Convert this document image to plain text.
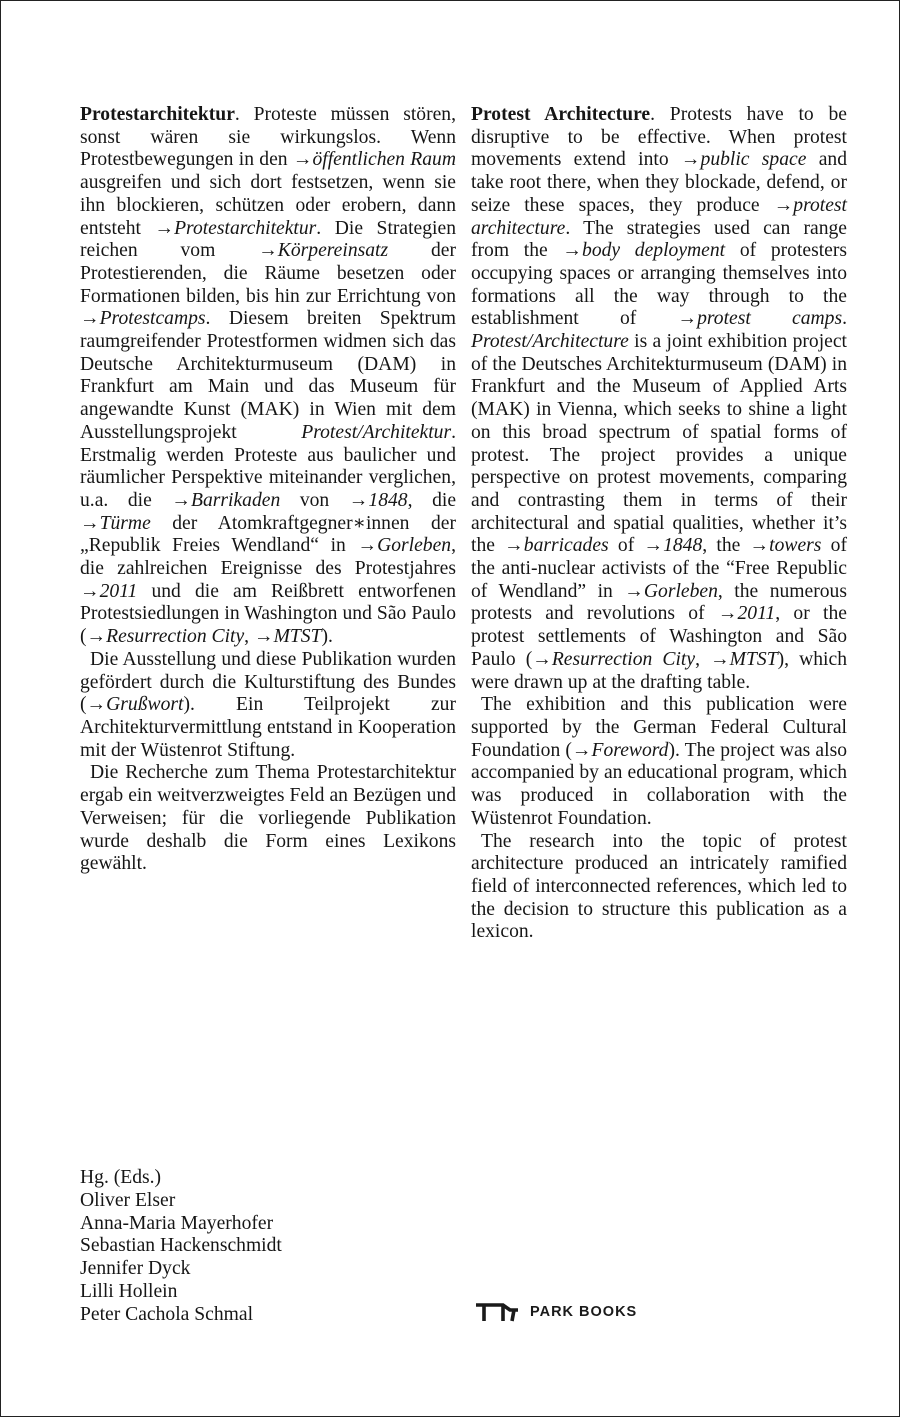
Protestarchitektur. Proteste müssen stören, sonst wären sie wirkungslos. Wenn Protestbewegungen in den →öffentlichen Raum ausgreifen und sich dort festsetzen, wenn sie ihn blockieren, schützen oder erobern, dann entsteht →Protestarchitektur. Die Strategien reichen vom →Körpereinsatz der Protestierenden, die Räume besetzen oder Formationen bilden, bis hin zur Errichtung von →Protestcamps. Diesem breiten Spektrum raumgreifender Protestformen widmen sich das Deutsche Architekturmuseum (DAM) in Frankfurt am Main und das Museum für angewandte Kunst (MAK) in Wien mit dem Ausstellungsprojekt Protest/Architektur. Erstmalig werden Proteste aus baulicher und räumlicher Perspektive miteinander verglichen, u.a. die →Barrikaden von →1848, die →Türme der Atomkraftgegner∗innen der „Republik Freies Wendland“ in →Gorleben, die zahlreichen Ereignisse des Protestjahres →2011 und die am Reißbrett entworfenen Protestsiedlungen in Washington und São Paulo (→Resurrection City, →MTST).

Die Ausstellung und diese Publikation wurden gefördert durch die Kulturstiftung des Bundes (→Grußwort). Ein Teilprojekt zur Architekturvermittlung entstand in Kooperation mit der Wüstenrot Stiftung.

Die Recherche zum Thema Protestarchitektur ergab ein weitverzweigtes Feld an Bezügen und Verweisen; für die vorliegende Publikation wurde deshalb die Form eines Lexikons gewählt.

Protest Architecture. Protests have to be disruptive to be effective. When protest movements extend into →public space and take root there, when they blockade, defend, or seize these spaces, they produce →protest architecture. The strategies used can range from the →body deployment of protesters occupying spaces or arranging themselves into formations all the way through to the establishment of →protest camps. Protest/Architecture is a joint exhibition project of the Deutsches Architekturmuseum (DAM) in Frankfurt and the Museum of Applied Arts (MAK) in Vienna, which seeks to shine a light on this broad spectrum of spatial forms of protest. The project provides a unique perspective on protest movements, comparing and contrasting them in terms of their architectural and spatial qualities, whether it’s the →barricades of →1848, the →towers of the anti-nuclear activists of the “Free Republic of Wendland” in →Gorleben, the numerous protests and revolutions of →2011, or the protest settlements of Washington and São Paulo (→Resurrection City, →MTST), which were drawn up at the drafting table.

The exhibition and this publication were supported by the German Federal Cultural Foundation (→Foreword). The project was also accompanied by an educational program, which was produced in collaboration with the Wüstenrot Foundation.

The research into the topic of protest architecture produced an intricately ramified field of interconnected references, which led to the decision to structure this publication as a lexicon.

Hg. (Eds.)
Oliver Elser
Anna-Maria Mayerhofer
Sebastian Hackenschmidt
Jennifer Dyck
Lilli Hollein
Peter Cachola Schmal	PARK BOOKS
